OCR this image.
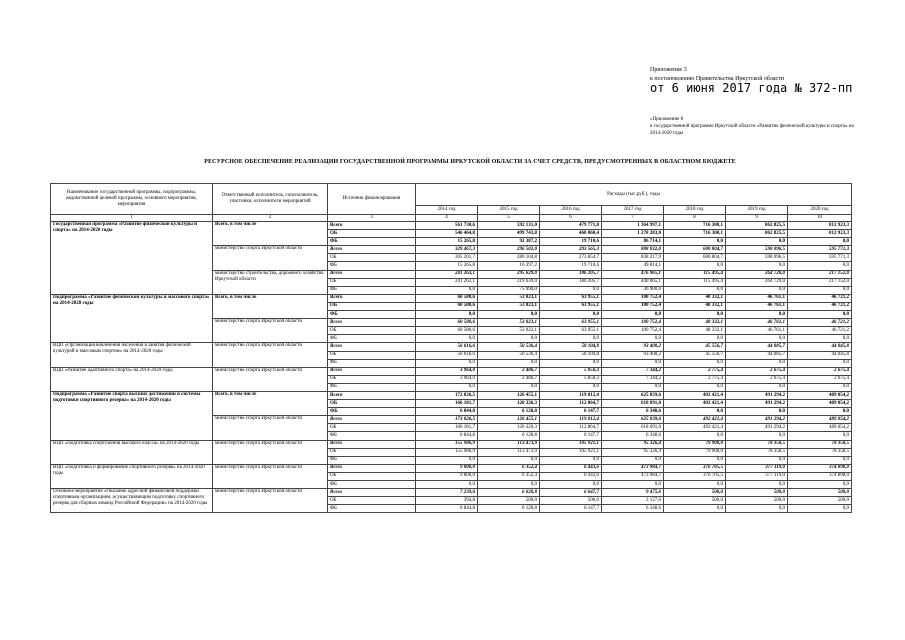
Приложение 3
к постановлению Правительства Иркутской области
от 6 июня 2017 года № 372-пп
«Приложение 8
к государственной программе Иркутской области «Развитие физической культуры и спорта» на 2014-2020 годы
РЕСУРСНОЕ ОБЕСПЕЧЕНИЕ РЕАЛИЗАЦИИ ГОСУДАРСТВЕННОЙ ПРОГРАММЫ ИРКУТСКОЙ ОБЛАСТИ ЗА СЧЕТ СРЕДСТВ, ПРЕДУСМОТРЕННЫХ В ОБЛАСТНОМ БЮДЖЕТЕ
Наименование государственной программы, подпрограммы, ведомственной целевой программы, основного мероприятия, мероприятия	Ответственный исполнитель, соисполнитель, участники, исполнители мероприятий	Источник финансирования	Расходы (тыс.руб.), годы						
			2014 год	2015 год	2016 год	2017 год	2018 год	2019 год	2020 год
1	2	3	4	5	6	7	8	9	10
Государственная программа «Развитие физической культуры и спорта» на 2014-2020 годы	Всего, в том числе	Всего	561 730,6	592 131,0	479 771,0	1 364 997,1	716 300,1	862 825,5	812 923,3
		ОБ	546 464,8	499 743,8	460 060,4	1 278 283,0	716 300,1	862 825,5	812 923,3
		ФБ	15 265,8	92 387,2	19 710,6	86 714,1	0,0	0,0	0,0
	министерство спорта Иркутской области	Всего	329 467,3	296 502,0	293 565,3	888 032,0	600 804,7	598 096,5	595 771,3
		ОБ	305 201,7	280 104,8	273 854,7	838 217,9	600 804,7	598 096,5	595 771,3
		ФБ	15 265,8	16 397,2	19 710,6	49 814,1	0,0	0,0	0,0
	министерство строительства, дорожного хозяйства Иркутской области	Всего	241 263,1	295 629,0	186 205,7	476 965,1	115 495,4	264 728,0	217 152,0
		ОБ	241 263,1	219 639,0	186 205,7	440 065,1	115 495,4	264 729,0	217 152,0
		ФБ	0,0	75 990,0	0,0	36 900,0	0,0	0,0	0,0
Подпрограмма «Развитие физической культуры и массового спорта» на 2014-2020 годы	Всего, в том числе	Всего	60 580,6	53 023,1	63 955,1	100 752,4	48 332,1	46 761,1	46 721,2
		ОБ	60 580,6	53 023,1	63 955,1	100 752,4	48 332,1	46 761,1	46 721,2
		ФБ	0,0	0,0	0,0	0,0	0,0	0,0	0,0
	министерство спорта Иркутской области	Всего	60 580,6	53 023,1	63 955,1	100 752,4	48 332,1	46 761,1	46 721,2
		ОБ	60 580,6	53 023,1	63 955,1	100 752,4	48 332,1	46 761,1	46 721,2
		ФБ	0,0	0,0	0,0	0,0	0,0	0,0	0,0
ВЦП «Организация вовлечения населения в занятия физической культурой и массовым спортом» на 2014-2020 годы	министерство спорта Иркутской области	Всего	56 616,6	50 536,4	58 104,8	93 408,2	45 556,7	44 085,7	44 045,8
		ОБ	56 616,6	50 536,4	58 104,8	93 408,2	45 556,7	44 085,7	44 045,8
		ФБ	0,0	0,0	0,0	0,0	0,0	0,0	0,0
ВЦП «Развитие адаптивного спорта» на 2014-2020 годы	министерство спорта Иркутской области	Всего	3 964,0	2 486,7	5 850,3	7 344,2	2 775,4	2 675,4	2 675,4
		ОБ	3 964,0	2 486,7	5 850,3	7 344,2	2 775,4	2 675,4	2 675,4
		ФБ	0,0	0,0	0,0	0,0	0,0	0,0	0,0
Подпрограмма «Развитие спорта высших достижений и системы подготовки спортивного резерва» на 2014-2020 годы	Всего, в том числе	Всего	172 026,5	126 455,1	119 012,4	625 039,6	492 421,4	491 294,2	489 054,2
		ОБ	166 181,7	120 326,3	112 864,7	618 691,0	492 421,4	491 294,2	489 054,2
		ФБ	6 844,8	6 128,8	6 147,7	6 348,6	0,0	0,0	0,0
	министерство спорта Иркутской области	Всего	173 026,5	126 455,1	119 012,4	625 039,6	492 421,4	491 294,2	489 054,2
		ОБ	166 181,7	120 326,3	112 864,7	618 691,0	492 421,4	491 294,2	489 054,2
		ФБ	6 844,8	6 128,8	6 147,7	6 348,6	0,0	0,0	0,0
ВЦП «Подготовка спортсменов высокого класса» на 2014-2020 годы	министерство спорта Иркутской области	Всего	155 986,9	113 473,9	105 921,1	95 326,4	79 900,0	78 358,5	78 358,5
		ОБ	155 986,9	113 473,9	105 921,1	95 326,4	79 900,0	78 358,5	78 358,5
		ФБ	0,0	0,0	0,0	0,0	0,0	0,0	0,0
ВЦП «Подготовка и формирование спортивного резерва» на 2014-2020 годы	министерство спорта Иркутской области	Всего	9 800,0	6 352,4	6 443,6	473 984,7	376 705,5	377 119,0	374 898,0
		ОБ	9 800,0	6 352,4	6 443,6	473 984,7	376 705,5	377 119,0	374 898,0
		ФБ	0,0	0,0	0,0	0,0	0,0	0,0	0,0
Основное мероприятие «Оказание адресной финансовой поддержки спортивным организациям, осуществляющим подготовку спортивного резерва для сборных команд Российской Федерации» на 2014-2020 годы	министерство спорта Иркутской области	Всего	7 239,6	6 620,8	6 647,7	9 475,6	500,0	500,0	500,0
		ОБ	394,8	500,0	500,0	3 127,0	500,0	500,0	500,0
		ФБ	6 844,8	6 128,8	6 147,7	6 348,6	0,0	0,0	0,0
